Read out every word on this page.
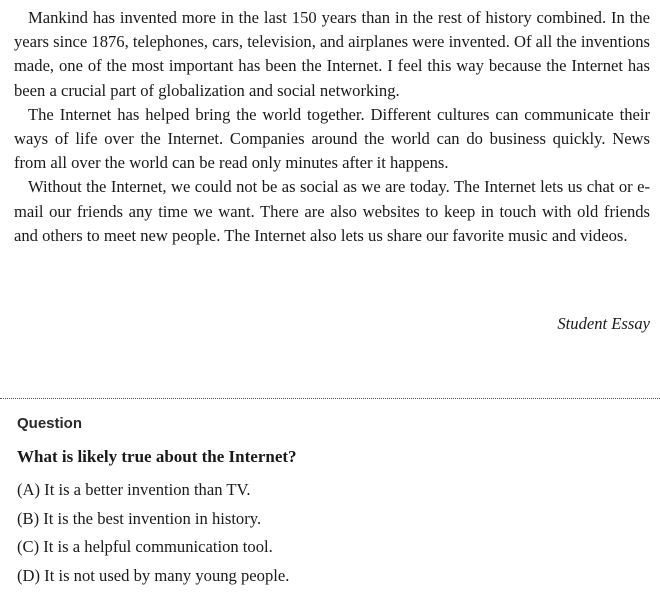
Mankind has invented more in the last 150 years than in the rest of history combined. In the years since 1876, telephones, cars, television, and airplanes were invented. Of all the inventions made, one of the most important has been the Internet. I feel this way because the Internet has been a crucial part of globalization and social networking.

The Internet has helped bring the world together. Different cultures can communicate their ways of life over the Internet. Companies around the world can do business quickly. News from all over the world can be read only minutes after it happens.

Without the Internet, we could not be as social as we are today. The Internet lets us chat or e-mail our friends any time we want. There are also websites to keep in touch with old friends and others to meet new people. The Internet also lets us share our favorite music and videos.

Student Essay
Question
What is likely true about the Internet?
(A) It is a better invention than TV.
(B) It is the best invention in history.
(C) It is a helpful communication tool.
(D) It is not used by many young people.
